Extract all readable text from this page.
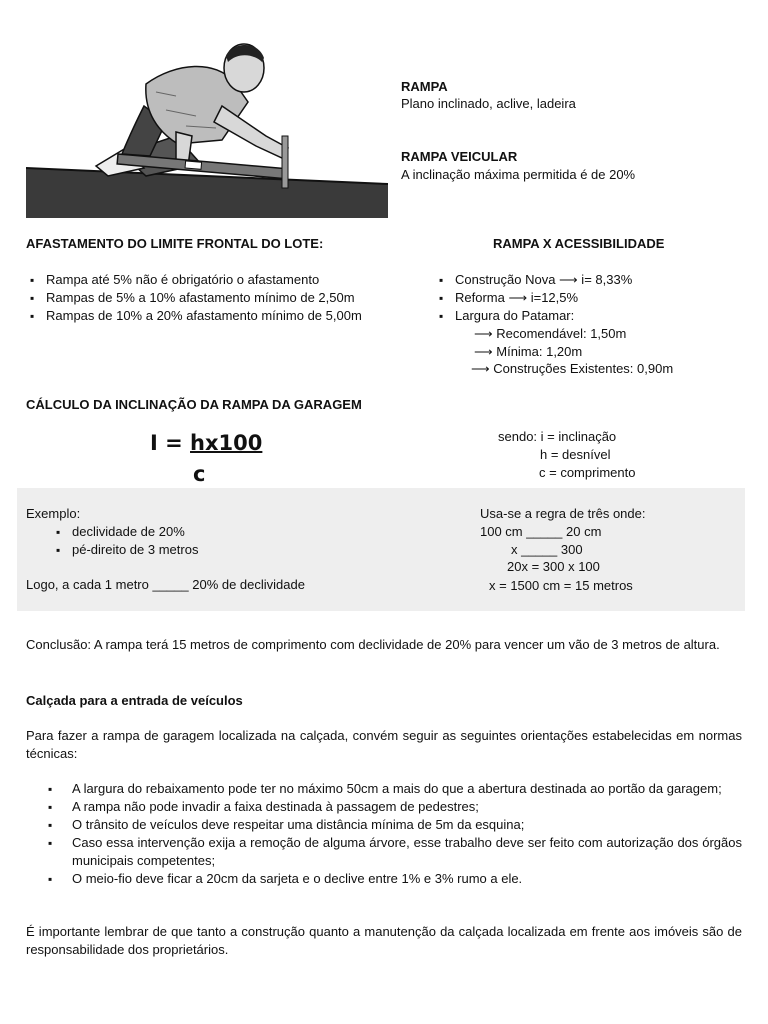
RAMPA
Plano inclinado, aclive, ladeira
RAMPA VEICULAR
A inclinação máxima permitida é de 20%
AFASTAMENTO DO LIMITE FRONTAL DO LOTE:
▪ Rampa até 5% não é obrigatório o afastamento
▪ Rampas de 5% a 10% afastamento mínimo de 2,50m
▪ Rampas de 10% a 20% afastamento mínimo de 5,00m
RAMPA X ACESSIBILIDADE
▪ Construção Nova ⟶ i= 8,33%
▪ Reforma ⟶ i=12,5%
▪ Largura do Patamar:
⟶ Recomendável: 1,50m
⟶ Mínima: 1,20m
⟶ Construções Existentes: 0,90m
CÁLCULO DA INCLINAÇÃO DA RAMPA DA GARAGEM
I = hx100
c
sendo: i = inclinação
h = desnível
c = comprimento
Exemplo:
▪ declividade de 20%
▪ pé-direito de 3 metros
Logo, a cada 1 metro _____ 20% de declividade
Usa-se a regra de três onde:
100 cm _____ 20 cm
x _____ 300
20x = 300 x 100
x = 1500 cm = 15 metros
Conclusão: A rampa terá 15 metros de comprimento com declividade de 20% para vencer um vão de 3 metros de altura.
Calçada para a entrada de veículos
Para fazer a rampa de garagem localizada na calçada, convém seguir as seguintes orientações estabelecidas em normas técnicas:
▪ A largura do rebaixamento pode ter no máximo 50cm a mais do que a abertura destinada ao portão da garagem;
▪ A rampa não pode invadir a faixa destinada à passagem de pedestres;
▪ O trânsito de veículos deve respeitar uma distância mínima de 5m da esquina;
▪ Caso essa intervenção exija a remoção de alguma árvore, esse trabalho deve ser feito com autorização dos órgãos municipais competentes;
▪ O meio-fio deve ficar a 20cm da sarjeta e o declive entre 1% e 3% rumo a ele.
É importante lembrar de que tanto a construção quanto a manutenção da calçada localizada em frente aos imóveis são de responsabilidade dos proprietários.
